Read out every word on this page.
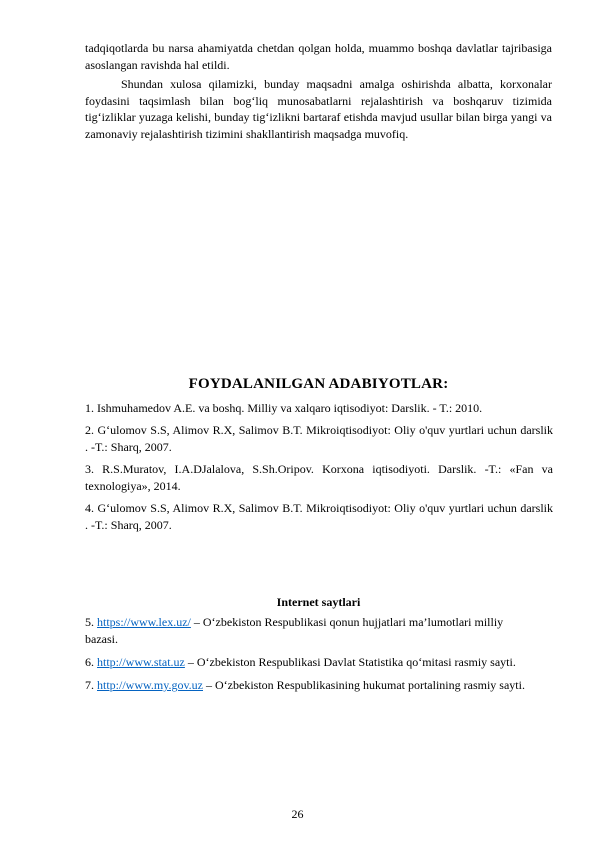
tadqiqotlarda bu narsa ahamiyatda chetdan qolgan holda, muammo boshqa davlatlar tajribasiga asoslangan ravishda hal etildi.

Shundan xulosa qilamizki, bunday maqsadni amalga oshirishda albatta, korxonalar foydasini taqsimlash bilan bog‘liq munosabatlarni rejalashtirish va boshqaruv tizimida tig‘izliklar yuzaga kelishi, bunday tig‘izlikni bartaraf etishda mavjud usullar bilan birga yangi va zamonaviy rejalashtirish tizimini shakllantirish maqsadga muvofiq.

FOYDALANILGAN ADABIYOTLAR:

1. Ishmuhamedov A.E. va boshq. Milliy va xalqaro iqtisodiyot: Darslik. - T.: 2010.

2. G‘ulomov S.S, Alimov R.X, Salimov B.T. Mikroiqtisodiyot: Oliy o'quv yurtlari uchun darslik . -T.: Sharq, 2007.

3. R.S.Muratov, I.A.DJalalova, S.Sh.Oripov. Korxona iqtisodiyoti. Darslik. -T.: «Fan va texnologiya», 2014.

4. G‘ulomov S.S, Alimov R.X, Salimov B.T. Mikroiqtisodiyot: Oliy o'quv yurtlari uchun darslik . -T.: Sharq, 2007.

Internet saytlari

5. https://www.lex.uz/ – O‘zbekiston Respublikasi qonun hujjatlari ma’lumotlari milliy bazasi.

6. http://www.stat.uz – O‘zbekiston Respublikasi Davlat Statistika qo‘mitasi rasmiy sayti.

7. http://www.my.gov.uz – O‘zbekiston Respublikasining hukumat portalining rasmiy sayti.

26
